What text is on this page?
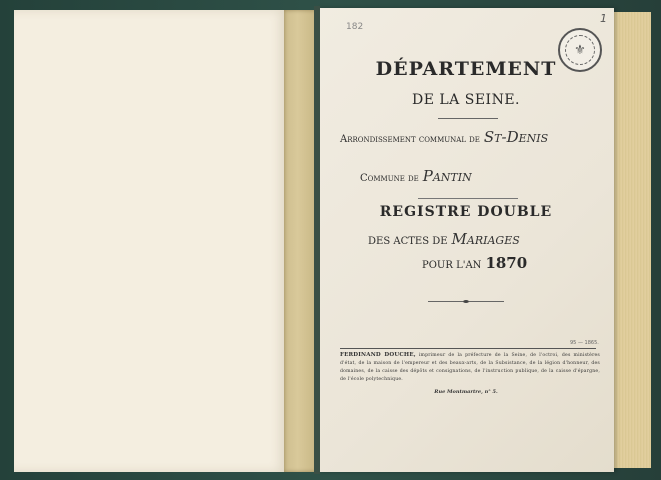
182
1
⚜
DÉPARTEMENT
DE LA SEINE.
Arrondissement communal de St-Denis
Commune de Pantin
REGISTRE DOUBLE
DES ACTES DE Mariages
POUR L'AN 1870
95 — 1865.
FERDINAND DOUCHE, imprimeur de la préfecture de la Seine, de l'octroi, des ministères d'état, de la maison de l'empereur et des beaux-arts, de la Subsistance, de la légion d'honneur, des domaines, de la caisse des dépôts et consignations, de l'instruction publique, de la caisse d'épargne, de l'école polytechnique.
Rue Montmartre, n° 5.
